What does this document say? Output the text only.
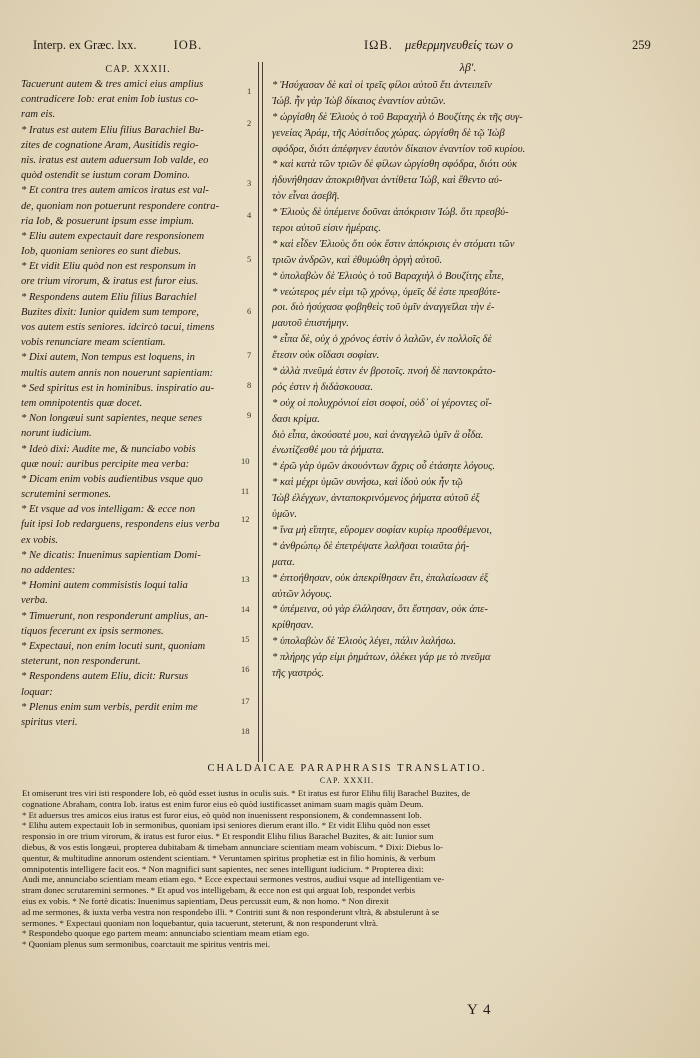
Interp. ex Græc. lxx.	IOB.	IΩB. μεθερμηνευθείς των ο	259
CAP. XXXII.
Tacuerunt autem & tres amici eius amplius
contradicere Iob: erat enim Iob iustus co-
ram eis.
* Iratus est autem Eliu filius Barachiel Bu-
zites de cognatione Aram, Ausitidis regio-
nis. iratus est autem aduersum Iob valde, eo
quòd ostendit se iustum coram Domino.
* Et contra tres autem amicos iratus est val-
de, quoniam non potuerunt respondere contra-
ria Iob, & posuerunt ipsum esse impium.
* Eliu autem expectauit dare responsionem
Iob, quoniam seniores eo sunt diebus.
* Et vidit Eliu quòd non est responsum in
ore trium virorum, & iratus est furor eius.
* Respondens autem Eliu filius Barachiel
Buzites dixit: Iunior quidem sum tempore,
vos autem estis seniores. idcircò tacui, timens
vobis renunciare meam scientiam.
* Dixi autem, Non tempus est loquens, in
multis autem annis non nouerunt sapientiam:
* Sed spiritus est in hominibus. inspiratio au-
tem omnipotentis quæ docet.
* Non longæui sunt sapientes, neque senes
norunt iudicium.
* Ideò dixi: Audite me, & nunciabo vobis
quæ noui: auribus percipite mea verba:
* Dicam enim vobis audientibus vsque quo
scrutemini sermones.
* Et vsque ad vos intelligam: & ecce non
fuit ipsi Iob redarguens, respondens eius verba
ex vobis.
* Ne dicatis: Inuenimus sapientiam Domi-
no addentes:
* Homini autem commisistis loqui talia
verba.
* Timuerunt, non responderunt amplius, an-
tiquos fecerunt ex ipsis sermones.
* Expectaui, non enim locuti sunt, quoniam
steterunt, non responderunt.
* Respondens autem Eliu, dicit: Rursus
loquar:
* Plenus enim sum verbis, perdit enim me
spiritus vteri.
1
2
3
4
5
6
7
8
9
10
11
12
13
14
15
16
17
18
λβ'.
* Ἡσύχασαν δὲ καὶ οἱ τρεῖς φίλοι αὐτοῦ ἔτι ἀντειπεῖν
Ἰώβ. ἦν γὰρ Ἰὼβ δίκαιος ἐναντίον αὐτῶν.
* ὠργίσθη δὲ Ἐλιοὺς ὁ τοῦ Βαραχιὴλ ὁ Βουζίτης ἐκ τῆς συγ-
γενείας Ἀράμ, τῆς Αὐσίτιδος χώρας. ὠργίσθη δὲ τῷ Ἰὼβ
σφόδρα, διότι ἀπέφηνεν ἑαυτὸν δίκαιον ἐναντίον τοῦ κυρίου.
* καὶ κατὰ τῶν τριῶν δὲ φίλων ὠργίσθη σφόδρα, διότι οὐκ
ἠδυνήθησαν ἀποκριθῆναι ἀντίθετα Ἰώβ, καὶ ἔθεντο αὐ-
τὸν εἶναι ἀσεβῆ.
* Ἐλιοὺς δὲ ὑπέμεινε δοῦναι ἀπόκρισιν Ἰώβ. ὅτι πρεσβύ-
τεροι αὐτοῦ εἰσιν ἡμέραις.
* καὶ εἶδεν Ἐλιοὺς ὅτι οὐκ ἔστιν ἀπόκρισις ἐν στόματι τῶν
τριῶν ἀνδρῶν, καὶ ἐθυμώθη ὀργὴ αὐτοῦ.
* ὑπολαβὼν δὲ Ἐλιοὺς ὁ τοῦ Βαραχιὴλ ὁ Βουζίτης εἶπε,
* νεώτερος μέν εἰμι τῷ χρόνῳ, ὑμεῖς δέ ἐστε πρεσβύτε-
ροι. διὸ ἡσύχασα φοβηθεὶς τοῦ ὑμῖν ἀναγγεῖλαι τὴν ἐ-
μαυτοῦ ἐπιστήμην.
* εἶπα δὲ, οὐχ ὁ χρόνος ἐστὶν ὁ λαλῶν, ἐν πολλοῖς δὲ
ἔτεσιν οὐκ οἴδασι σοφίαν.
* ἀλλὰ πνεῦμά ἐστιν ἐν βροτοῖς. πνοὴ δὲ παντοκράτο-
ρός ἐστιν ἡ διδάσκουσα.
* οὐχ οἱ πολυχρόνιοί εἰσι σοφοί, οὐδ᾽ οἱ γέροντες οἴ-
δασι κρίμα.
διὸ εἶπα, ἀκούσατέ μου, καὶ ἀναγγελῶ ὑμῖν ἃ οἶδα.
ἐνωτίζεσθέ μου τὰ ῥήματα.
* ἐρῶ γὰρ ὑμῶν ἀκουόντων ἄχρις οὗ ἐτάσητε λόγους.
* καὶ μέχρι ὑμῶν συνήσω, καὶ ἰδοὺ οὐκ ἦν τῷ
Ἰὼβ ἐλέγχων, ἀνταποκρινόμενος ῥήματα αὐτοῦ ἐξ
ὑμῶν.
* ἵνα μὴ εἴπητε, εὕρομεν σοφίαν κυρίῳ προσθέμενοι,
* ἀνθρώπῳ δὲ ἐπετρέψατε λαλῆσαι τοιαῦτα ῥή-
ματα.
* ἐπτοήθησαν, οὐκ ἀπεκρίθησαν ἔτι, ἐπαλαίωσαν ἐξ
αὐτῶν λόγους.
* ὑπέμεινα, οὐ γὰρ ἐλάλησαν, ὅτι ἔστησαν, οὐκ ἀπε-
κρίθησαν.
* ὑπολαβὼν δὲ Ἐλιοὺς λέγει, πάλιν λαλήσω.
* πλήρης γάρ εἰμι ῥημάτων, ὀλέκει γάρ με τὸ πνεῦμα
τῆς γαστρός.
CHALDAICAE PARAPHRASIS TRANSLATIO.
CAP. XXXII.
Et omiserunt tres viri isti respondere Iob, eò quòd esset iustus in oculis suis. * Et iratus est furor Elihu filij Barachel Buzites, de
cognatione Abraham, contra Iob. iratus est enim furor eius eò quòd iustificasset animam suam magis quàm Deum.
* Et aduersus tres amicos eius iratus est furor eius, eò quòd non inuenissent responsionem, & condemnassent Iob.
* Elihu autem expectauit Iob in sermonibus, quoniam ipsi seniores dierum erant illo. * Et vidit Elihu quòd non esset
responsio in ore trium virorum, & iratus est furor eius. * Et respondit Elihu filius Barachel Buzites, & ait: Iunior sum
diebus, & vos estis longæui, propterea dubitabam & timebam annunciare scientiam meam vobiscum. * Dixi: Diebus lo-
quentur, & multitudine annorum ostendent scientiam. * Veruntamen spiritus prophetiæ est in filio hominis, & verbum
omnipotentis intelligere facit eos. * Non magnifici sunt sapientes, nec senes intelligunt iudicium. * Propterea dixi:
Audi me, annunciabo scientiam meam etiam ego. * Ecce expectaui sermones vestros, audiui vsque ad intelligentiam ve-
stram donec scrutaremini sermones. * Et apud vos intelligebam, & ecce non est qui arguat Iob, respondet verbis
eius ex vobis. * Ne fortè dicatis: Inuenimus sapientiam, Deus percussit eum, & non homo. * Non direxit
ad me sermones, & iuxta verba vestra non respondebo illi. * Contriti sunt & non responderunt vltrà, & abstulerunt à se
sermones. * Expectaui quoniam non loquebantur, quia tacuerunt, steterunt, & non responderunt vltrà.
* Respondebo quoque ego partem meam: annunciabo scientiam meam etiam ego.
* Quoniam plenus sum sermonibus, coarctauit me spiritus ventris mei.
Y 4
